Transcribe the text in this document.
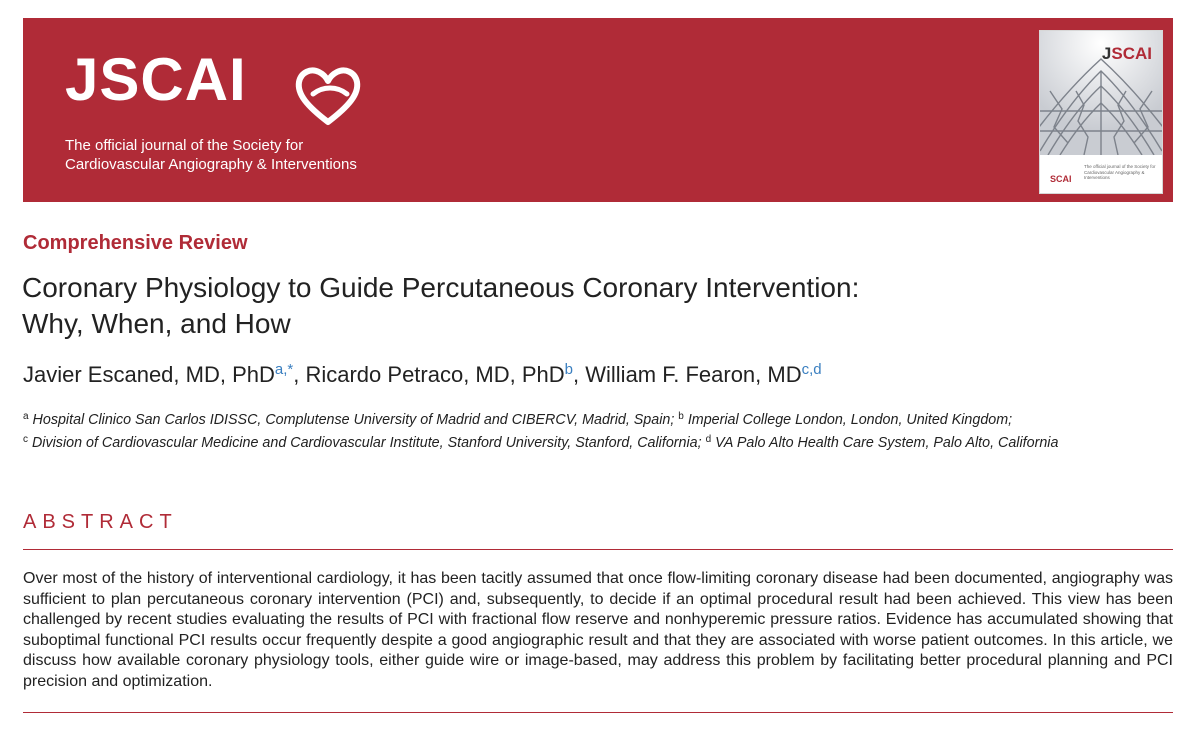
JSCAI
The official journal of the Society for
Cardiovascular Angiography & Interventions
JSCAI
SCAI
The official journal of the Society for Cardiovascular Angiography & Interventions
Comprehensive Review
Coronary Physiology to Guide Percutaneous Coronary Intervention:
Why, When, and How
Javier Escaned, MD, PhD$^{a,*}$, Ricardo Petraco, MD, PhD$^b$, William F. Fearon, MD$^{c,d}$
$^a$ Hospital Clinico San Carlos IDISSC, Complutense University of Madrid and CIBERCV, Madrid, Spain; $^b$ Imperial College London, London, United Kingdom;
$^c$ Division of Cardiovascular Medicine and Cardiovascular Institute, Stanford University, Stanford, California; $^d$ VA Palo Alto Health Care System, Palo Alto, California
ABSTRACT
Over most of the history of interventional cardiology, it has been tacitly assumed that once flow-limiting coronary disease had been documented, angiography was sufficient to plan percutaneous coronary intervention (PCI) and, subsequently, to decide if an optimal procedural result had been achieved. This view has been challenged by recent studies evaluating the results of PCI with fractional flow reserve and nonhyperemic pressure ratios. Evidence has accumulated showing that suboptimal functional PCI results occur frequently despite a good angiographic result and that they are associated with worse patient outcomes. In this article, we discuss how available coronary physiology tools, either guide wire or image-based, may address this problem by facilitating better procedural planning and PCI precision and optimization.
